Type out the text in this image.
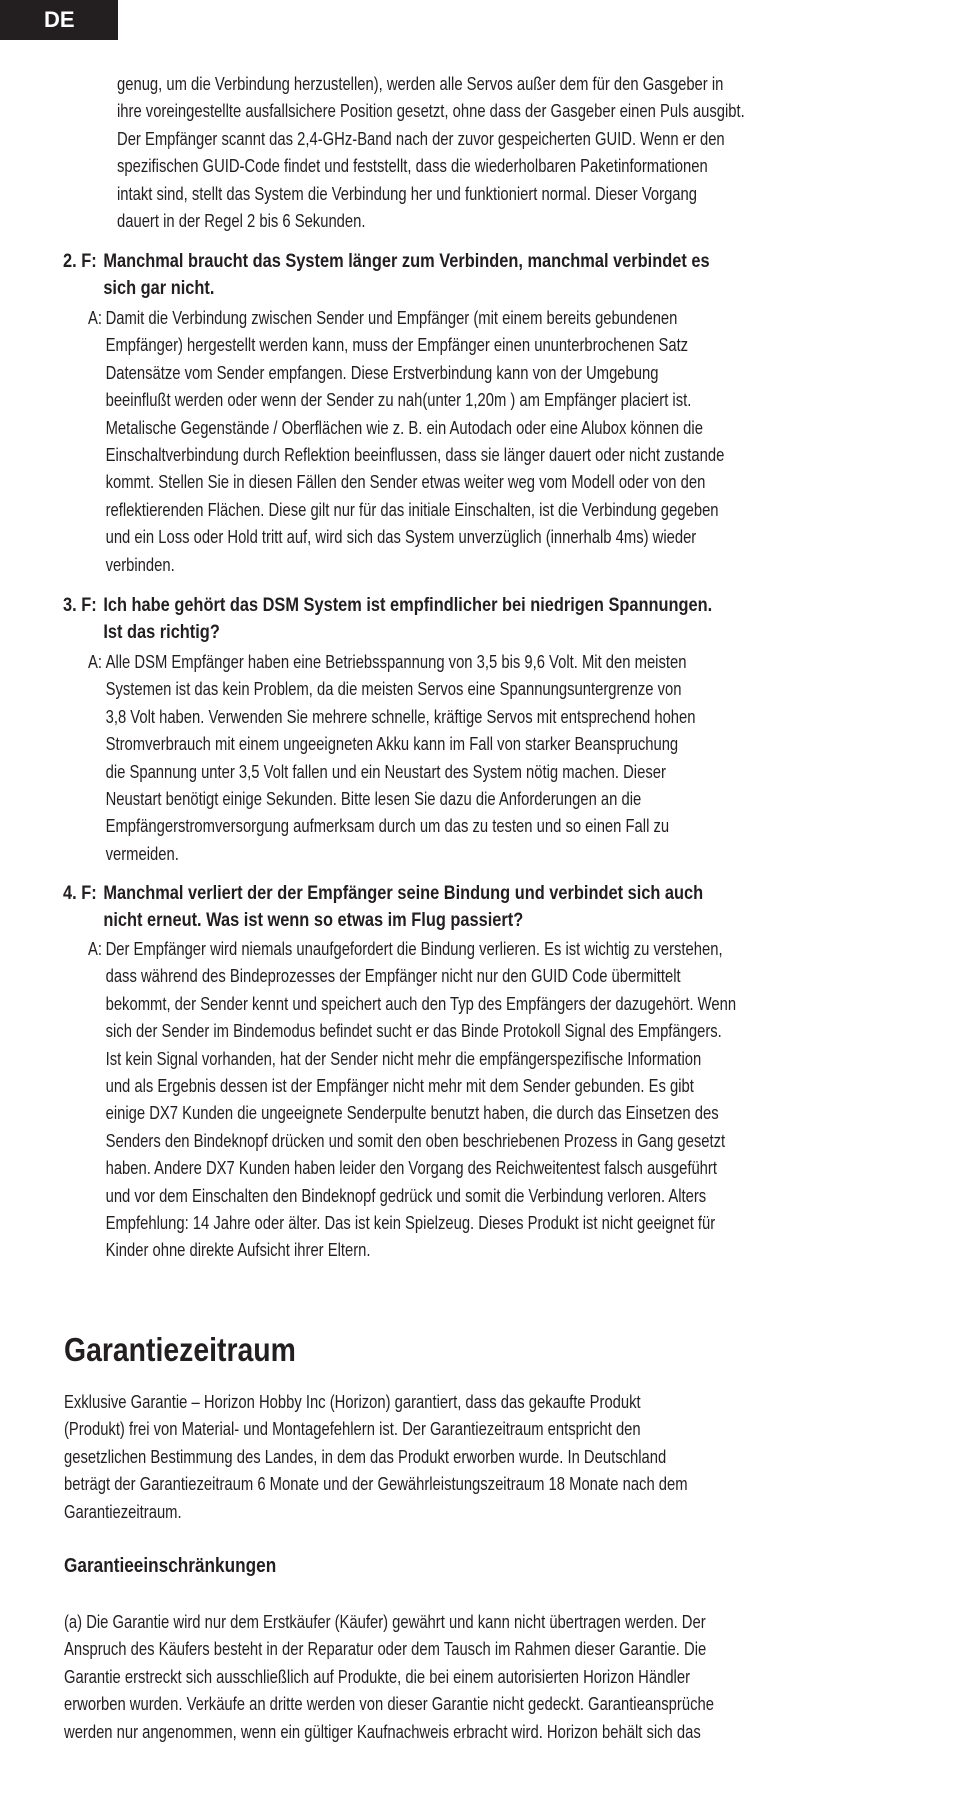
DE
genug, um die Verbindung herzustellen), werden alle Servos außer dem für den Gasgeber in
ihre voreingestellte ausfallsichere Position gesetzt, ohne dass der Gasgeber einen Puls ausgibt.
Der Empfänger scannt das 2,4-GHz-Band nach der zuvor gespeicherten GUID. Wenn er den
spezifischen GUID-Code findet und feststellt, dass die wiederholbaren Paketinformationen
intakt sind, stellt das System die Verbindung her und funktioniert normal. Dieser Vorgang
dauert in der Regel 2 bis 6 Sekunden.
2. F: Manchmal braucht das System länger zum Verbinden, manchmal verbindet es
sich gar nicht.
A: Damit die Verbindung zwischen Sender und Empfänger (mit einem bereits gebundenen
Empfänger) hergestellt werden kann, muss der Empfänger einen ununterbrochenen Satz
Datensätze vom Sender empfangen. Diese Erstverbindung kann von der Umgebung
beeinflußt werden oder wenn der Sender zu nah(unter 1,20m ) am Empfänger placiert ist.
Metalische Gegenstände / Oberflächen wie z. B. ein Autodach oder eine Alubox können die
Einschaltverbindung durch Reflektion beeinflussen, dass sie länger dauert oder nicht zustande
kommt. Stellen Sie in diesen Fällen den Sender etwas weiter weg vom Modell oder von den
reflektierenden Flächen. Diese gilt nur für das initiale Einschalten, ist die Verbindung gegeben
und ein Loss oder Hold tritt auf, wird sich das System unverzüglich (innerhalb 4ms) wieder
verbinden.
3. F: Ich habe gehört das DSM System ist empfindlicher bei niedrigen Spannungen.
Ist das richtig?
A: Alle DSM Empfänger haben eine Betriebsspannung von 3,5 bis 9,6 Volt. Mit den meisten
Systemen ist das kein Problem, da die meisten Servos eine Spannungsuntergrenze von
3,8 Volt haben. Verwenden Sie mehrere schnelle, kräftige Servos mit entsprechend hohen
Stromverbrauch mit einem ungeeigneten Akku kann im Fall von starker Beanspruchung
die Spannung unter 3,5 Volt fallen und ein Neustart des System nötig machen. Dieser
Neustart benötigt einige Sekunden. Bitte lesen Sie dazu die Anforderungen an die
Empfängerstromversorgung aufmerksam durch um das zu testen und so einen Fall zu
vermeiden.
4. F: Manchmal verliert der der Empfänger seine Bindung und verbindet sich auch
nicht erneut. Was ist wenn so etwas im Flug passiert?
A: Der Empfänger wird niemals unaufgefordert die Bindung verlieren. Es ist wichtig zu verstehen,
dass während des Bindeprozesses der Empfänger nicht nur den GUID Code übermittelt
bekommt, der Sender kennt und speichert auch den Typ des Empfängers der dazugehört. Wenn
sich der Sender im Bindemodus befindet sucht er das Binde Protokoll Signal des Empfängers.
Ist kein Signal vorhanden, hat der Sender nicht mehr die empfängerspezifische Information
und als Ergebnis dessen ist der Empfänger nicht mehr mit dem Sender gebunden. Es gibt
einige DX7 Kunden die ungeeignete Senderpulte benutzt haben, die durch das Einsetzen des
Senders den Bindeknopf drücken und somit den oben beschriebenen Prozess in Gang gesetzt
haben. Andere DX7 Kunden haben leider den Vorgang des Reichweitentest falsch ausgeführt
und vor dem Einschalten den Bindeknopf gedrück und somit die Verbindung verloren. Alters
Empfehlung: 14 Jahre oder älter. Das ist kein Spielzeug. Dieses Produkt ist nicht geeignet für
Kinder ohne direkte Aufsicht ihrer Eltern.
Garantiezeitraum
Exklusive Garantie – Horizon Hobby Inc (Horizon) garantiert, dass das gekaufte Produkt
(Produkt) frei von Material- und Montagefehlern ist. Der Garantiezeitraum entspricht den
gesetzlichen Bestimmung des Landes, in dem das Produkt erworben wurde. In Deutschland
beträgt der Garantiezeitraum 6 Monate und der Gewährleistungszeitraum 18 Monate nach dem
Garantiezeitraum.
Garantieeinschränkungen
(a) Die Garantie wird nur dem Erstkäufer (Käufer) gewährt und kann nicht übertragen werden. Der
Anspruch des Käufers besteht in der Reparatur oder dem Tausch im Rahmen dieser Garantie. Die
Garantie erstreckt sich ausschließlich auf Produkte, die bei einem autorisierten Horizon Händler
erworben wurden. Verkäufe an dritte werden von dieser Garantie nicht gedeckt. Garantieansprüche
werden nur angenommen, wenn ein gültiger Kaufnachweis erbracht wird. Horizon behält sich das
